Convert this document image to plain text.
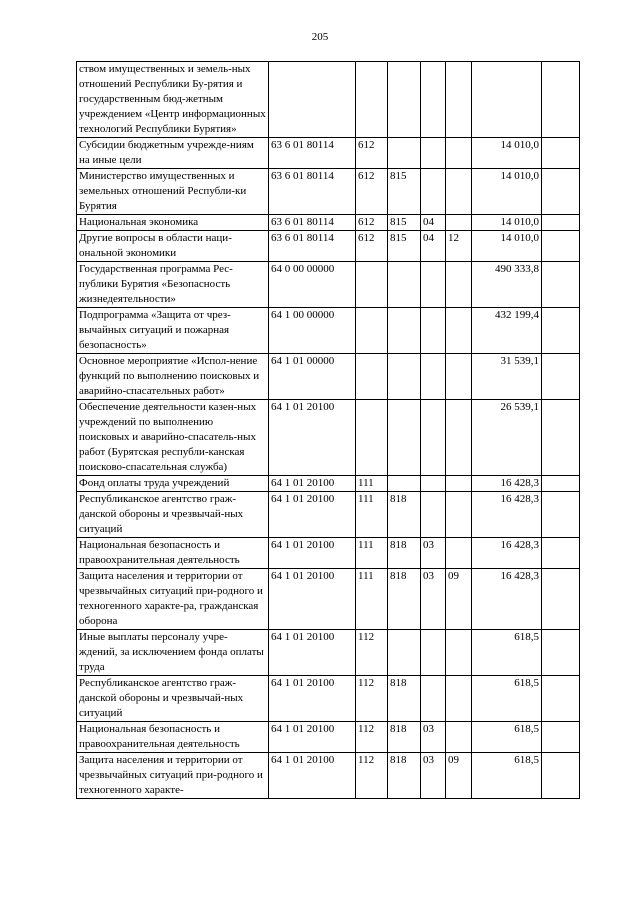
205
ством имущественных и земель-ных отношений Республики Бу-рятия и государственным бюд-жетным учреждением «Центр информационных технологий Республики Бурятия»							
Субсидии бюджетным учрежде-ниям на иные цели	63 6 01 80114	612				14 010,0	
Министерство имущественных и земельных отношений Республи-ки Бурятия	63 6 01 80114	612	815			14 010,0	
Национальная экономика	63 6 01 80114	612	815	04		14 010,0	
Другие вопросы в области наци-ональной экономики	63 6 01 80114	612	815	04	12	14 010,0	
Государственная программа Рес-публики Бурятия «Безопасность жизнедеятельности»	64 0 00 00000					490 333,8	
Подпрограмма «Защита от чрез-вычайных ситуаций и пожарная безопасность»	64 1 00 00000					432 199,4	
Основное мероприятие «Испол-нение функций по выполнению поисковых и аварийно-спасательных работ»	64 1 01 00000					31 539,1	
Обеспечение деятельности казен-ных учреждений по выполнению поисковых и аварийно-спасатель-ных работ (Бурятская республи-канская поисково-спасательная служба)	64 1 01 20100					26 539,1	
Фонд оплаты труда учреждений	64 1 01 20100	111				16 428,3	
Республиканское агентство граж-данской обороны и чрезвычай-ных ситуаций	64 1 01 20100	111	818			16 428,3	
Национальная безопасность и правоохранительная деятельность	64 1 01 20100	111	818	03		16 428,3	
Защита населения и территории от чрезвычайных ситуаций при-родного и техногенного характе-ра, гражданская оборона	64 1 01 20100	111	818	03	09	16 428,3	
Иные выплаты персоналу учре-ждений, за исключением фонда оплаты труда	64 1 01 20100	112				618,5	
Республиканское агентство граж-данской обороны и чрезвычай-ных ситуаций	64 1 01 20100	112	818			618,5	
Национальная безопасность и правоохранительная деятельность	64 1 01 20100	112	818	03		618,5	
Защита населения и территории от чрезвычайных ситуаций при-родного и техногенного характе-	64 1 01 20100	112	818	03	09	618,5	
